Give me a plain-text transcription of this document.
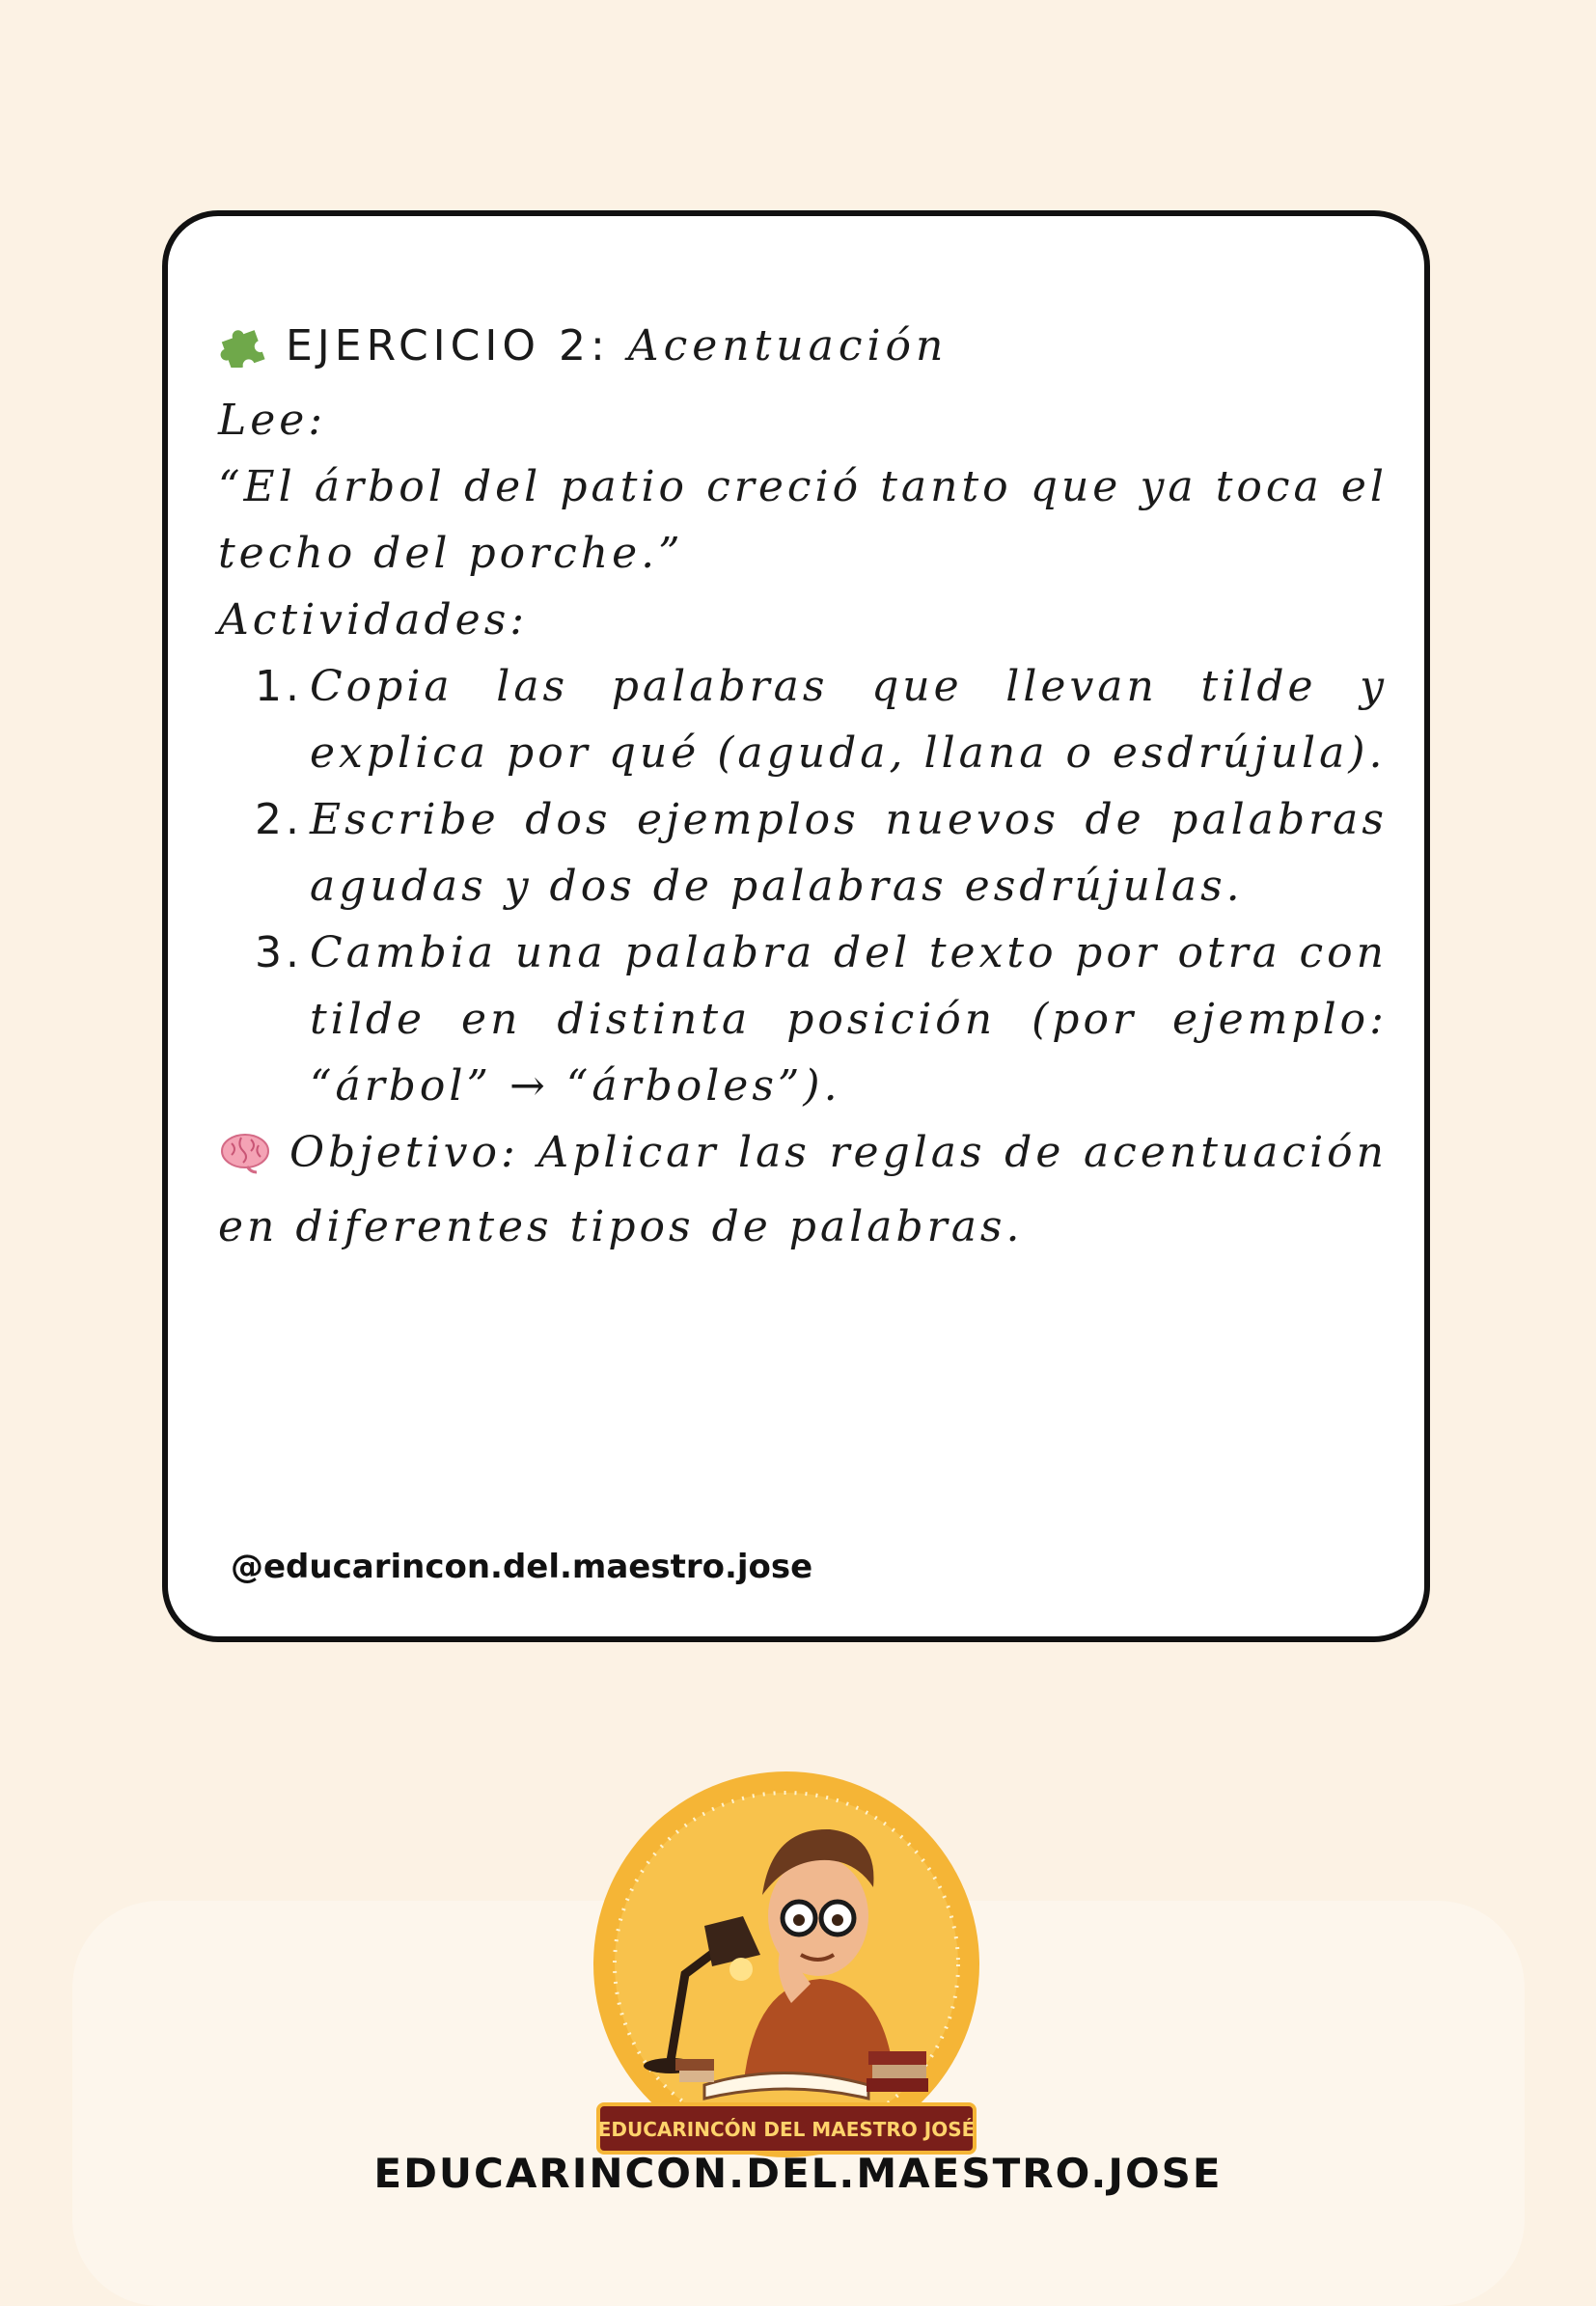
EJERCICIO 2: Acentuación
Lee:
“El árbol del patio creció tanto que ya toca el techo del porche.”
Actividades:
1. Copia las palabras que llevan tilde y explica por qué (aguda, llana o esdrújula).
2. Escribe dos ejemplos nuevos de palabras agudas y dos de palabras esdrújulas.
3. Cambia una palabra del texto por otra con tilde en distinta posición (por ejemplo: “árbol” → “árboles”).
Objetivo: Aplicar las reglas de acentuación en diferentes tipos de palabras.
@educarincon.del.maestro.jose
EDUCARINCÓN DEL MAESTRO JOSÉ
EDUCARINCON.DEL.MAESTRO.JOSE
